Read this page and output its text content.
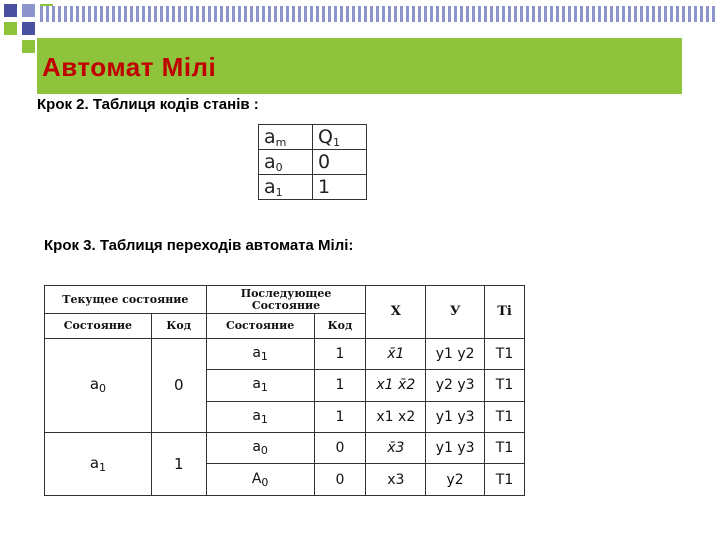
Автомат Мілі
Крок 2. Таблиця кодів станів :
$a_m$	$Q_1$
$a_0$	0
$a_1$	1
Крок 3. Таблиця переходів автомата Мілі:
Текущее состояние		Последующее Состояние		X	У	Ti
Состояние	Код	Состояние	Код			
$a_0$	0	$a_1$	1	x̄1	y1 y2	T1
		$a_1$	1	x1 x̄2	y2 y3	T1
		$a_1$	1	x1 x2	y1 y3	T1
$a_1$	1	$a_0$	0	x̄3	y1 y3	T1
		$A_0$	0	x3	y2	T1
